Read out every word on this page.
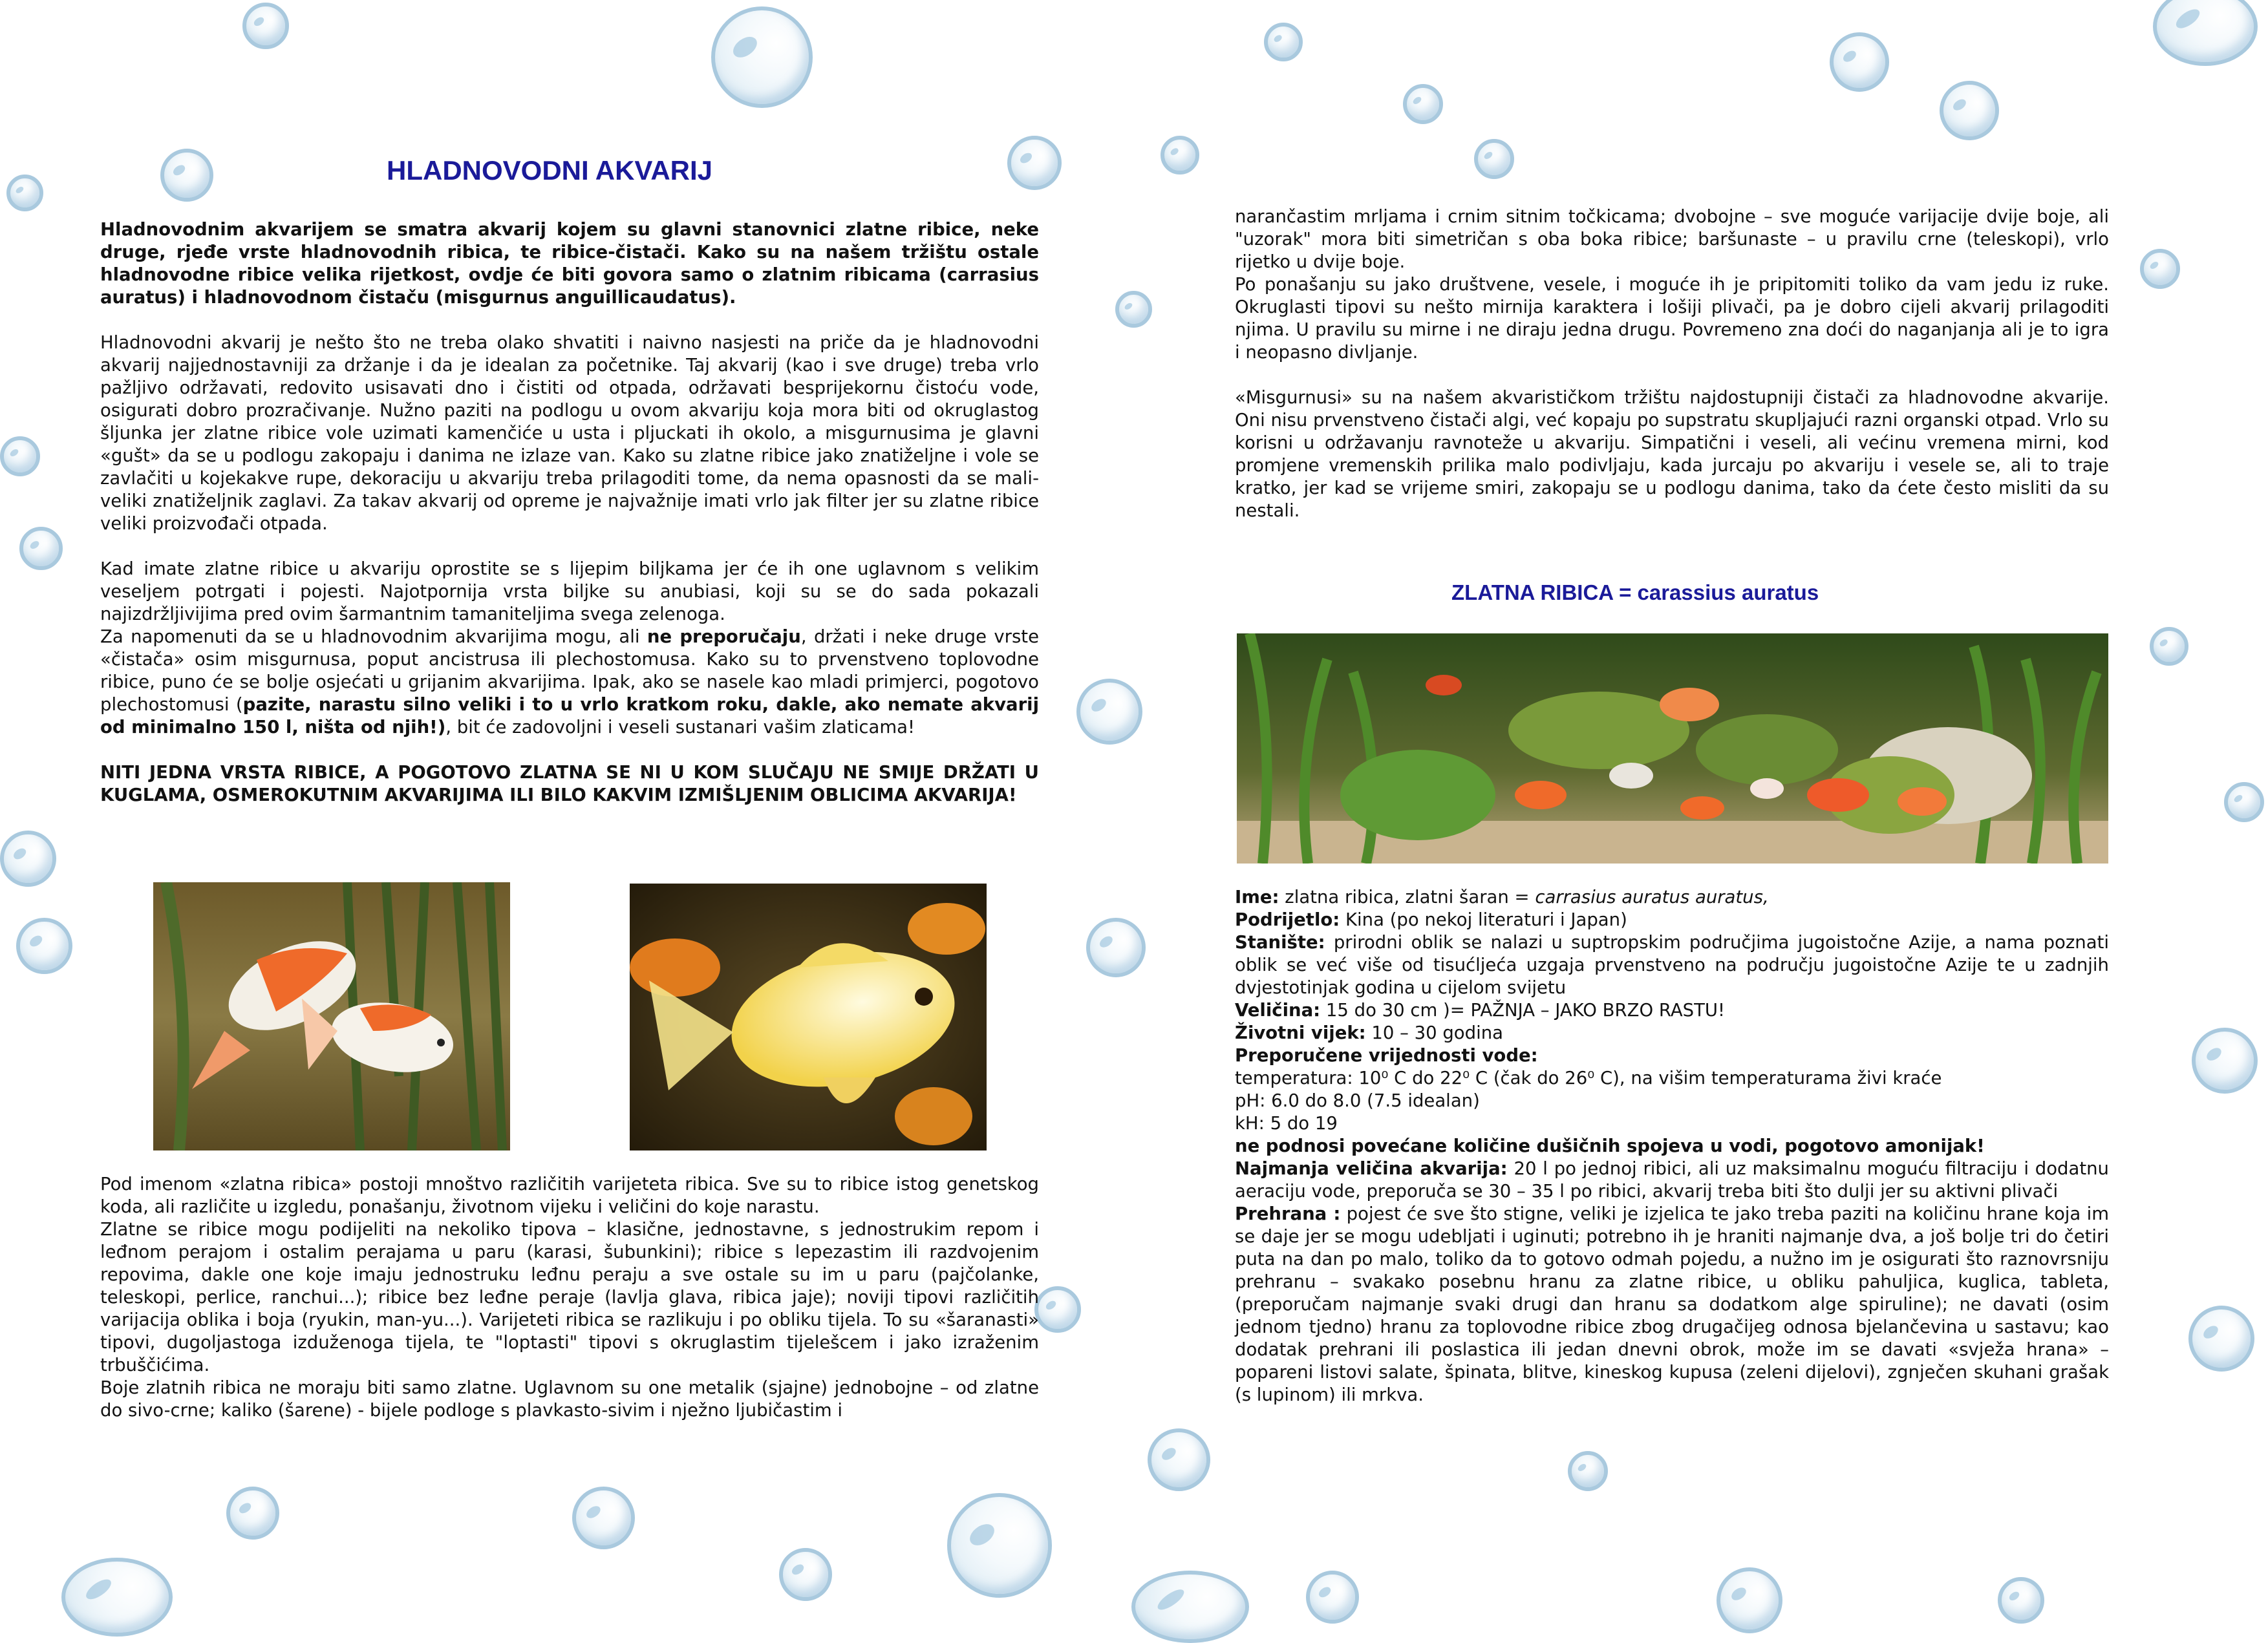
HLADNOVODNI AKVARIJ

Hladnovodnim akvarijem se smatra akvarij kojem su glavni stanovnici zlatne ribice, neke druge, rjeđe vrste hladnovodnih ribica, te ribice-čistači. Kako su na našem tržištu ostale hladnovodne ribice velika rijetkost, ovdje će biti govora samo o zlatnim ribicama (carrasius auratus) i hladnovodnom čistaču (misgurnus anguillicaudatus).

Hladnovodni akvarij je nešto što ne treba olako shvatiti i naivno nasjesti na priče da je hladnovodni akvarij najjednostavniji za držanje i da je idealan za početnike. Taj akvarij (kao i sve druge) treba vrlo pažljivo održavati, redovito usisavati dno i čistiti od otpada, održavati besprijekornu čistoću vode, osigurati dobro prozračivanje. Nužno paziti na podlogu u ovom akvariju koja mora biti od okruglastog šljunka jer zlatne ribice vole uzimati kamenčiće u usta i pljuckati ih okolo, a misgurnusima je glavni «gušt» da se u podlogu zakopaju i danima ne izlaze van. Kako su zlatne ribice jako znatiželjne i vole se zavlačiti u kojekakve rupe, dekoraciju u akvariju treba prilagoditi tome, da nema opasnosti da se mali-veliki znatiželjnik zaglavi. Za takav akvarij od opreme je najvažnije imati vrlo jak filter jer su zlatne ribice veliki proizvođači otpada.

Kad imate zlatne ribice u akvariju oprostite se s lijepim biljkama jer će ih one uglavnom s velikim veseljem potrgati i pojesti. Najotpornija vrsta biljke su anubiasi, koji su se do sada pokazali najizdržljivijima pred ovim šarmantnim tamaniteljima svega zelenoga.

Za napomenuti da se u hladnovodnim akvarijima mogu, ali ne preporučaju, držati i neke druge vrste «čistača» osim misgurnusa, poput ancistrusa ili plechostomusa. Kako su to prvenstveno toplovodne ribice, puno će se bolje osjećati u grijanim akvarijima. Ipak, ako se nasele kao mladi primjerci, pogotovo plechostomusi (pazite, narastu silno veliki i to u vrlo kratkom roku, dakle, ako nemate akvarij od minimalno 150 l, ništa od njih!), bit će zadovoljni i veseli sustanari vašim zlaticama!

NITI JEDNA VRSTA RIBICE, A POGOTOVO ZLATNA SE NI U KOM SLUČAJU NE SMIJE DRŽATI U KUGLAMA, OSMEROKUTNIM AKVARIJIMA ILI BILO KAKVIM IZMIŠLJENIM OBLICIMA AKVARIJA!

Pod imenom «zlatna ribica» postoji mnoštvo različitih varijeteta ribica. Sve su to ribice istog genetskog koda, ali različite u izgledu, ponašanju, životnom vijeku i veličini do koje narastu.

Zlatne se ribice mogu podijeliti na nekoliko tipova – klasične, jednostavne, s jednostrukim repom i leđnom perajom i ostalim perajama u paru (karasi, šubunkini); ribice s lepezastim ili razdvojenim repovima, dakle one koje imaju jednostruku leđnu peraju a sve ostale su im u paru (pajčolanke, teleskopi, perlice, ranchui...); ribice bez leđne peraje (lavlja glava, ribica jaje); noviji tipovi različitih varijacija oblika i boja (ryukin, man-yu...). Varijeteti ribica se razlikuju i po obliku tijela. To su «šaranasti» tipovi, dugoljastoga izduženoga tijela, te "loptasti" tipovi s okruglastim tijelešcem i jako izraženim trbuščićima.

Boje zlatnih ribica ne moraju biti samo zlatne. Uglavnom su one metalik (sjajne) jednobojne – od zlatne do sivo-crne; kaliko (šarene) - bijele podloge s plavkasto-sivim i nježno ljubičastim i

narančastim mrljama i crnim sitnim točkicama; dvobojne – sve moguće varijacije dvije boje, ali "uzorak" mora biti simetričan s oba boka ribice; baršunaste – u pravilu crne (teleskopi), vrlo rijetko u dvije boje.

Po ponašanju su jako društvene, vesele, i moguće ih je pripitomiti toliko da vam jedu iz ruke. Okruglasti tipovi su nešto mirnija karaktera i lošiji plivači, pa je dobro cijeli akvarij prilagoditi njima. U pravilu su mirne i ne diraju jedna drugu. Povremeno zna doći do naganjanja ali je to igra i neopasno divljanje.

«Misgurnusi» su na našem akvarističkom tržištu najdostupniji čistači za hladnovodne akvarije. Oni nisu prvenstveno čistači algi, već kopaju po supstratu skupljajući razni organski otpad. Vrlo su korisni u održavanju ravnoteže u akvariju. Simpatični i veseli, ali većinu vremena mirni, kod promjene vremenskih prilika malo podivljaju, kada jurcaju po akvariju i vesele se, ali to traje kratko, jer kad se vrijeme smiri, zakopaju se u podlogu danima, tako da ćete često misliti da su nestali.

ZLATNA RIBICA = carassius auratus

Ime: zlatna ribica, zlatni šaran = carrasius auratus auratus,

Podrijetlo: Kina (po nekoj literaturi i Japan)

Stanište: prirodni oblik se nalazi u suptropskim područjima jugoistočne Azije, a nama poznati oblik se već više od tisućljeća uzgaja prvenstveno na području jugoistočne Azije te u zadnjih dvjestotinjak godina u cijelom svijetu

Veličina: 15 do 30 cm )= PAŽNJA – JAKO BRZO RASTU!

Životni vijek: 10 – 30 godina

Preporučene vrijednosti vode:

temperatura: 10⁰ C do 22⁰ C (čak do 26⁰ C), na višim temperaturama živi kraće

pH: 6.0 do 8.0 (7.5 idealan)

kH: 5 do 19

ne podnosi povećane količine dušičnih spojeva u vodi, pogotovo amonijak!

Najmanja veličina akvarija: 20 l po jednoj ribici, ali uz maksimalnu moguću filtraciju i dodatnu aeraciju vode, preporuča se 30 – 35 l po ribici, akvarij treba biti što dulji jer su aktivni plivači

Prehrana : pojest će sve što stigne, veliki je izjelica te jako treba paziti na količinu hrane koja im se daje jer se mogu udebljati i uginuti; potrebno ih je hraniti najmanje dva, a još bolje tri do četiri puta na dan po malo, toliko da to gotovo odmah pojedu, a nužno im je osigurati što raznovrsniju prehranu – svakako posebnu hranu za zlatne ribice, u obliku pahuljica, kuglica, tableta, (preporučam najmanje svaki drugi dan hranu sa dodatkom alge spiruline); ne davati (osim jednom tjedno) hranu za toplovodne ribice zbog drugačijeg odnosa bjelančevina u sastavu; kao dodatak prehrani ili poslastica ili jedan dnevni obrok, može im se davati «svježa hrana» – popareni listovi salate, špinata, blitve, kineskog kupusa (zeleni dijelovi), zgnječen skuhani grašak (s lupinom) ili mrkva.
